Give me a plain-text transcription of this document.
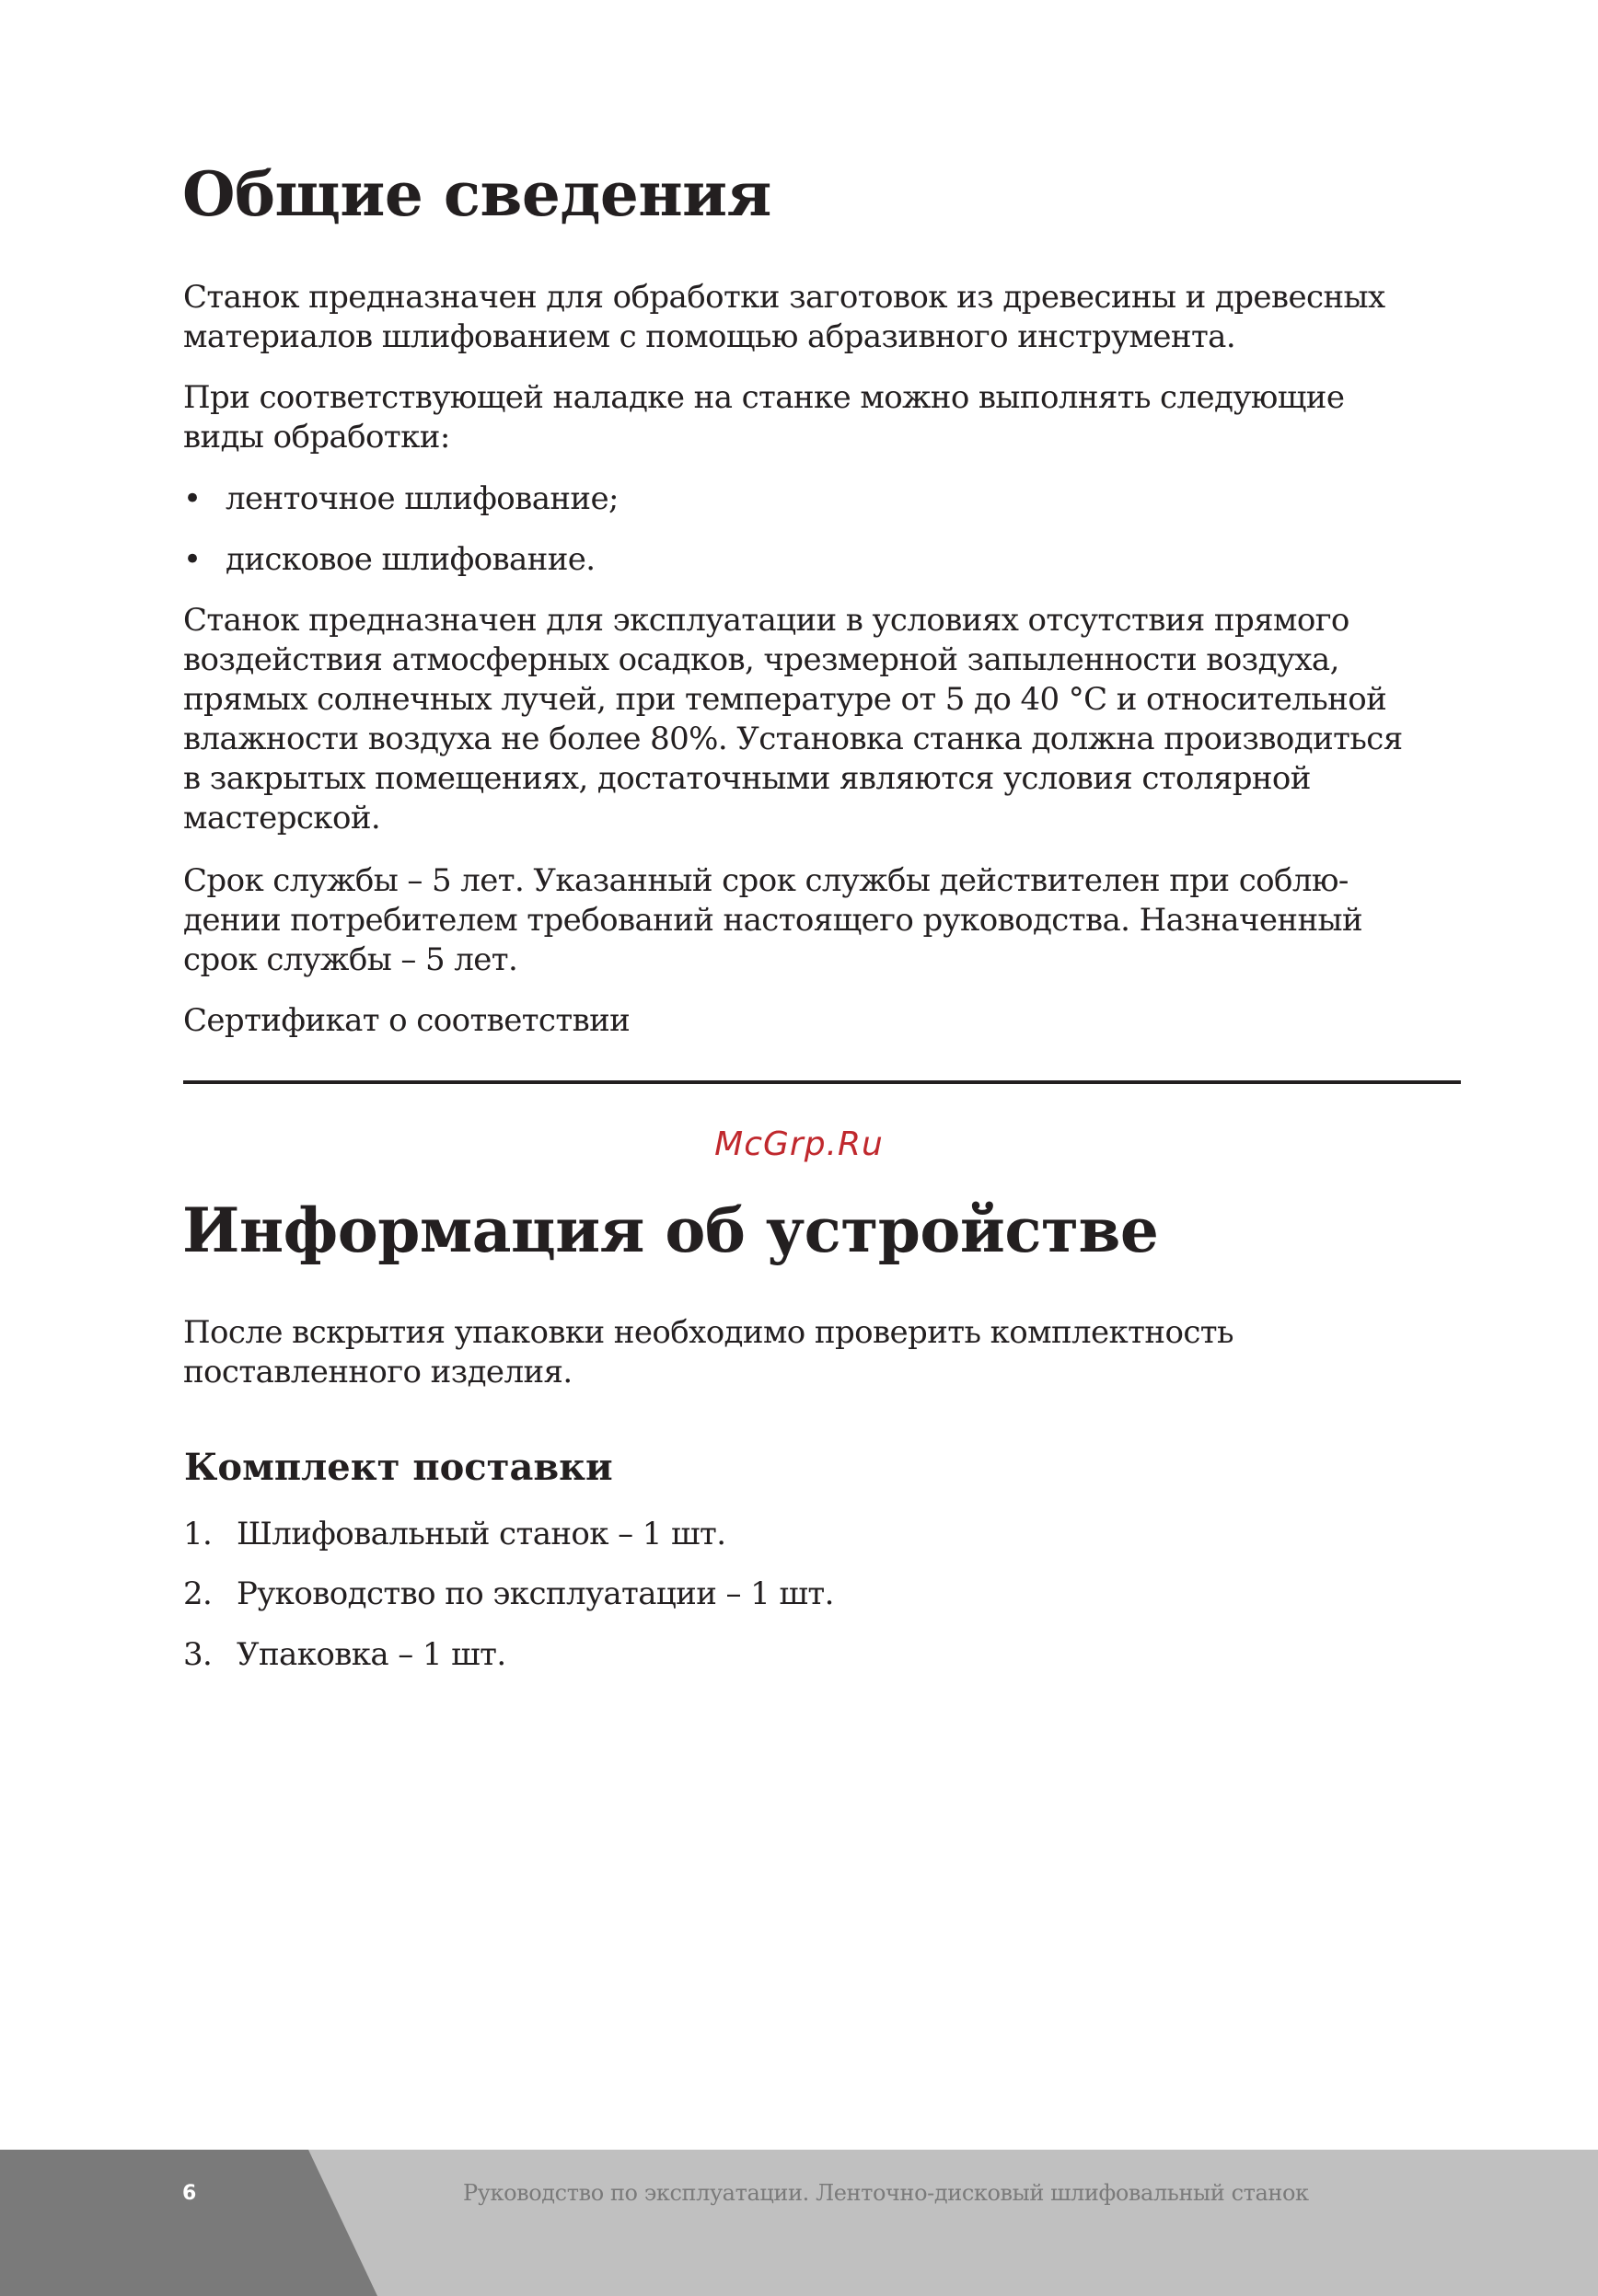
Общие сведения

Станок предназначен для обработки заготовок из древесины и древесных
материалов шлифованием с помощью абразивного инструмента.

При соответствующей наладке на станке можно выполнять следующие
виды обработки:

• ленточное шлифование;

• дисковое шлифование.

Станок предназначен для эксплуатации в условиях отсутствия прямого
воздействия атмосферных осадков, чрезмерной запыленности воздуха,
прямых солнечных лучей, при температуре от 5 до 40 °С и относительной
влажности воздуха не более 80%. Установка станка должна производиться
в закрытых помещениях, достаточными являются условия столярной
мастерской.

Срок службы – 5 лет. Указанный срок службы действителен при соблю-
дении потребителем требований настоящего руководства. Назначенный
срок службы – 5 лет.

Сертификат о соответствии

McGrp.Ru
Информация об устройстве

После вскрытия упаковки необходимо проверить комплектность
поставленного изделия.

Комплект поставки

1. Шлифовальный станок – 1 шт.

2. Руководство по эксплуатации – 1 шт.

3. Упаковка – 1 шт.

6	Руководство по эксплуатации. Ленточно-дисковый шлифовальный станок
